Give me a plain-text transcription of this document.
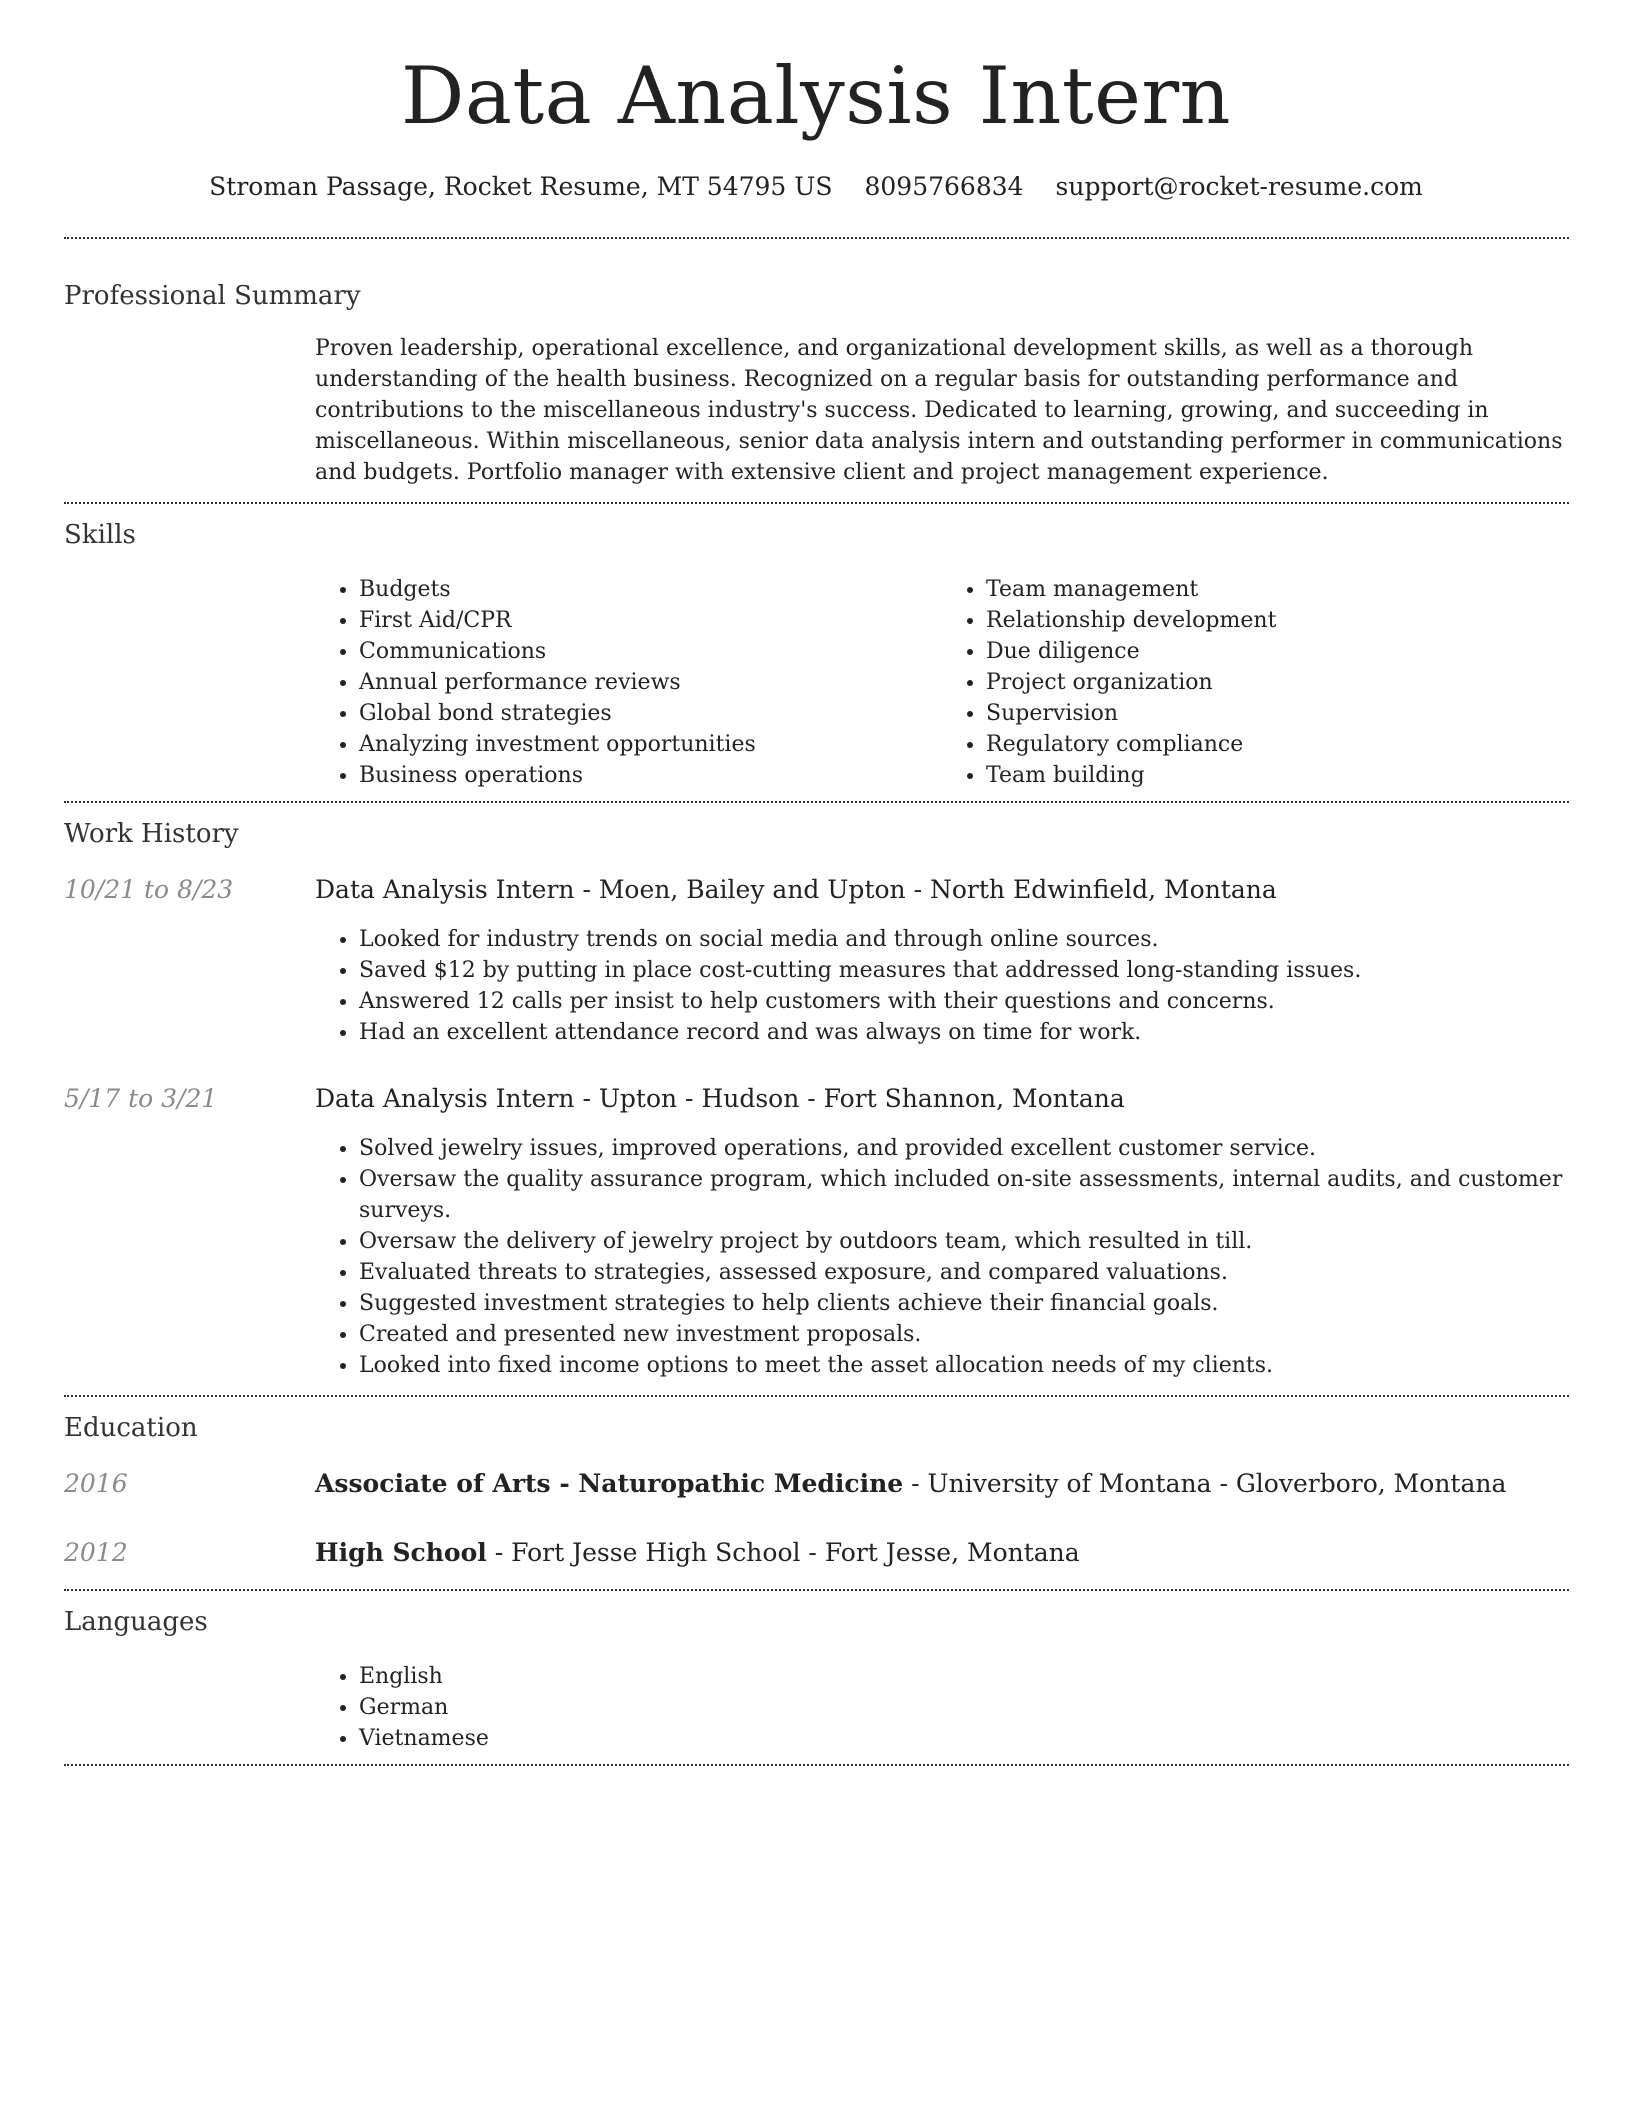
Data Analysis Intern
Stroman Passage, Rocket Resume, MT 54795 US 8095766834 support@rocket-resume.com
Professional Summary
Proven leadership, operational excellence, and organizational development skills, as well as a thorough understanding of the health business. Recognized on a regular basis for outstanding performance and contributions to the miscellaneous industry's success. Dedicated to learning, growing, and succeeding in miscellaneous. Within miscellaneous, senior data analysis intern and outstanding performer in communications and budgets. Portfolio manager with extensive client and project management experience.
Skills
• Budgets
• First Aid/CPR
• Communications
• Annual performance reviews
• Global bond strategies
• Analyzing investment opportunities
• Business operations
• Team management
• Relationship development
• Due diligence
• Project organization
• Supervision
• Regulatory compliance
• Team building
Work History
10/21 to 8/23	Data Analysis Intern - Moen, Bailey and Upton - North Edwinfield, Montana
• Looked for industry trends on social media and through online sources.
• Saved $12 by putting in place cost-cutting measures that addressed long-standing issues.
• Answered 12 calls per insist to help customers with their questions and concerns.
• Had an excellent attendance record and was always on time for work.
5/17 to 3/21	Data Analysis Intern - Upton - Hudson - Fort Shannon, Montana
• Solved jewelry issues, improved operations, and provided excellent customer service.
• Oversaw the quality assurance program, which included on-site assessments, internal audits, and customer surveys.
• Oversaw the delivery of jewelry project by outdoors team, which resulted in till.
• Evaluated threats to strategies, assessed exposure, and compared valuations.
• Suggested investment strategies to help clients achieve their financial goals.
• Created and presented new investment proposals.
• Looked into fixed income options to meet the asset allocation needs of my clients.
Education
2016	Associate of Arts - Naturopathic Medicine - University of Montana - Gloverboro, Montana
2012	High School - Fort Jesse High School - Fort Jesse, Montana
Languages
• English
• German
• Vietnamese
